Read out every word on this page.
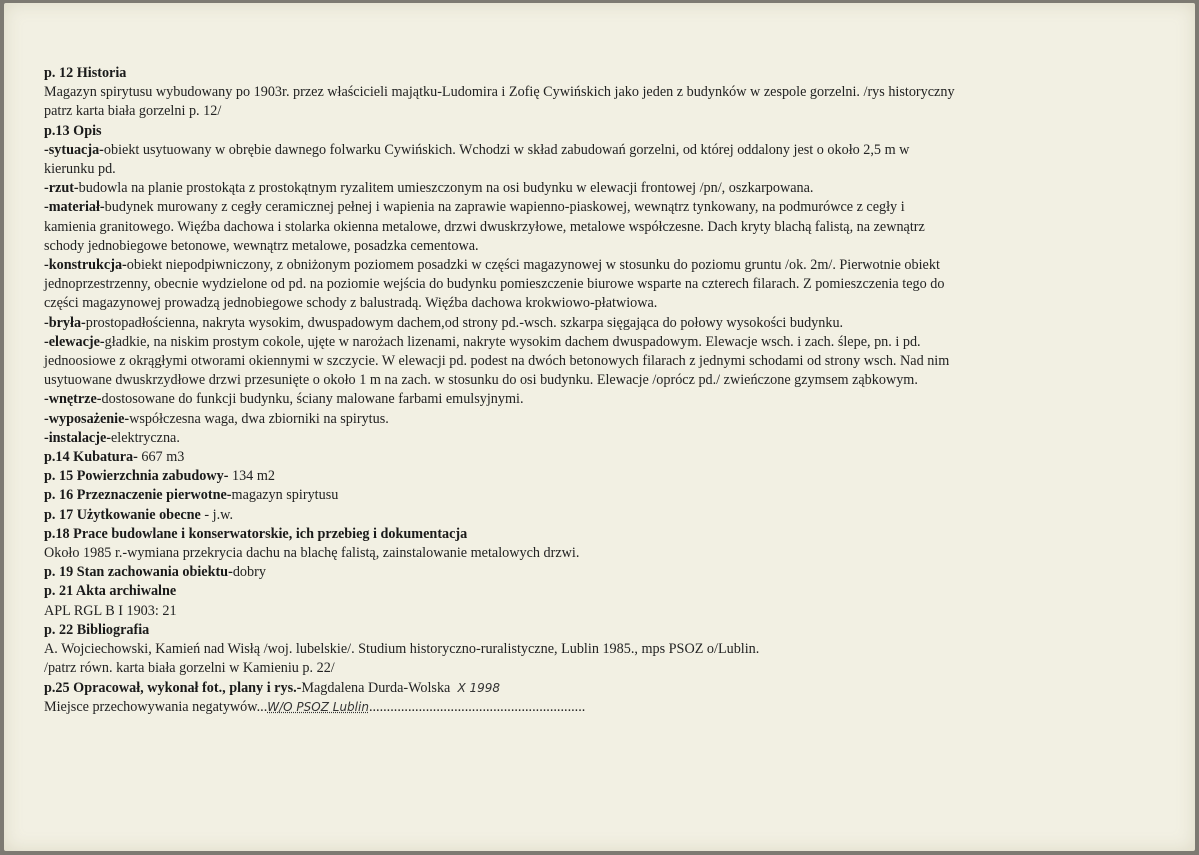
p. 12 Historia
Magazyn spirytusu wybudowany po 1903r. przez właścicieli majątku-Ludomira i Zofię Cywińskich jako jeden z budynków w zespole gorzelni. /rys historyczny
patrz karta biała gorzelni p. 12/
p.13 Opis
-sytuacja-obiekt usytuowany w obrębie dawnego folwarku Cywińskich. Wchodzi w skład zabudowań gorzelni, od której oddalony jest o około 2,5 m w
kierunku pd.
-rzut-budowla na planie prostokąta z prostokątnym ryzalitem umieszczonym na osi budynku w elewacji frontowej /pn/, oszkarpowana.
-materiał-budynek murowany z cegły ceramicznej pełnej i wapienia na zaprawie wapienno-piaskowej, wewnątrz tynkowany, na podmurówce z cegły i
kamienia granitowego. Więźba dachowa i stolarka okienna metalowe, drzwi dwuskrzyłowe, metalowe współczesne. Dach kryty blachą falistą, na zewnątrz
schody jednobiegowe betonowe, wewnątrz metalowe, posadzka cementowa.
-konstrukcja-obiekt niepodpiwniczony, z obniżonym poziomem posadzki w części magazynowej w stosunku do poziomu gruntu /ok. 2m/. Pierwotnie obiekt
jednoprzestrzenny, obecnie wydzielone od pd. na poziomie wejścia do budynku pomieszczenie biurowe wsparte na czterech filarach. Z pomieszczenia tego do
części magazynowej prowadzą jednobiegowe schody z balustradą. Więźba dachowa krokwiowo-płatwiowa.
-bryła-prostopadłościenna, nakryta wysokim, dwuspadowym dachem,od strony pd.-wsch. szkarpa sięgająca do połowy wysokości budynku.
-elewacje-gładkie, na niskim prostym cokole, ujęte w narożach lizenami, nakryte wysokim dachem dwuspadowym. Elewacje wsch. i zach. ślepe, pn. i pd.
jednoosiowe z okrągłymi otworami okiennymi w szczycie. W elewacji pd. podest na dwóch betonowych filarach z jednymi schodami od strony wsch. Nad nim
usytuowane dwuskrzydłowe drzwi przesunięte o około 1 m na zach. w stosunku do osi budynku. Elewacje /oprócz pd./ zwieńczone gzymsem ząbkowym.
-wnętrze-dostosowane do funkcji budynku, ściany malowane farbami emulsyjnymi.
-wyposażenie-współczesna waga, dwa zbiorniki na spirytus.
-instalacje-elektryczna.
p.14 Kubatura- 667 m3
p. 15 Powierzchnia zabudowy- 134 m2
p. 16 Przeznaczenie pierwotne-magazyn spirytusu
p. 17 Użytkowanie obecne - j.w.
p.18 Prace budowlane i konserwatorskie, ich przebieg i dokumentacja
Około 1985 r.-wymiana przekrycia dachu na blachę falistą, zainstalowanie metalowych drzwi.
p. 19 Stan zachowania obiektu-dobry
p. 21 Akta archiwalne
APL RGL B I 1903: 21
p. 22 Bibliografia
A. Wojciechowski, Kamień nad Wisłą /woj. lubelskie/. Studium historyczno-ruralistyczne, Lublin 1985., mps PSOZ o/Lublin.
/patrz równ. karta biała gorzelni w Kamieniu p. 22/
p.25 Opracował, wykonał fot., plany i rys.-Magdalena Durda-Wolska X 1998
Miejsce przechowywania negatywów...W/O PSOZ Lublin.............................................................
